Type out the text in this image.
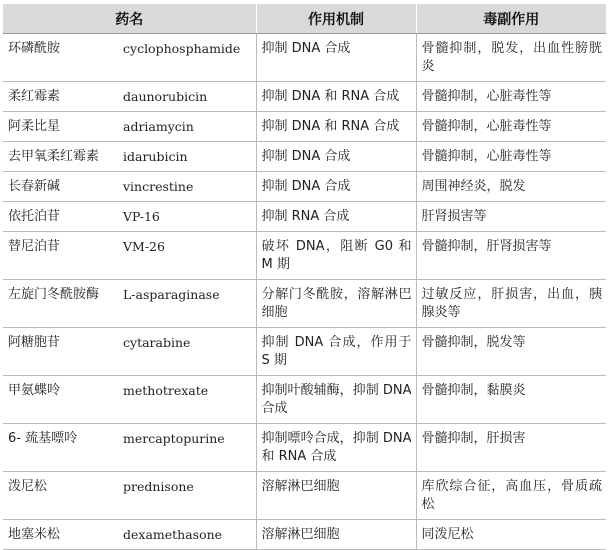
药名		作用机制	毒副作用
环磷酰胺	cyclophosphamide	抑制 DNA 合成	骨髓抑制，脱发，出血性膀胱炎
柔红霉素	daunorubicin	抑制 DNA 和 RNA 合成	骨髓抑制，心脏毒性等
阿柔比星	adriamycin	抑制 DNA 和 RNA 合成	骨髓抑制，心脏毒性等
去甲氧柔红霉素	idarubicin	抑制 DNA 合成	骨髓抑制，心脏毒性等
长春新碱	vincrestine	抑制 DNA 合成	周围神经炎，脱发
依托泊苷	VP-16	抑制 RNA 合成	肝肾损害等
替尼泊苷	VM-26	破坏 DNA，阻断 G0 和 M 期	骨髓抑制，肝肾损害等
左旋门冬酰胺酶	L-asparaginase	分解门冬酰胺，溶解淋巴细胞	过敏反应，肝损害，出血，胰腺炎等
阿糖胞苷	cytarabine	抑制 DNA 合成，作用于 S 期	骨髓抑制，脱发等
甲氨蝶呤	methotrexate	抑制叶酸辅酶，抑制 DNA 合成	骨髓抑制，黏膜炎
6- 巯基嘌呤	mercaptopurine	抑制嘌呤合成，抑制 DNA 和 RNA 合成	骨髓抑制，肝损害
泼尼松	prednisone	溶解淋巴细胞	库欣综合征，高血压，骨质疏松
地塞米松	dexamethasone	溶解淋巴细胞	同泼尼松
